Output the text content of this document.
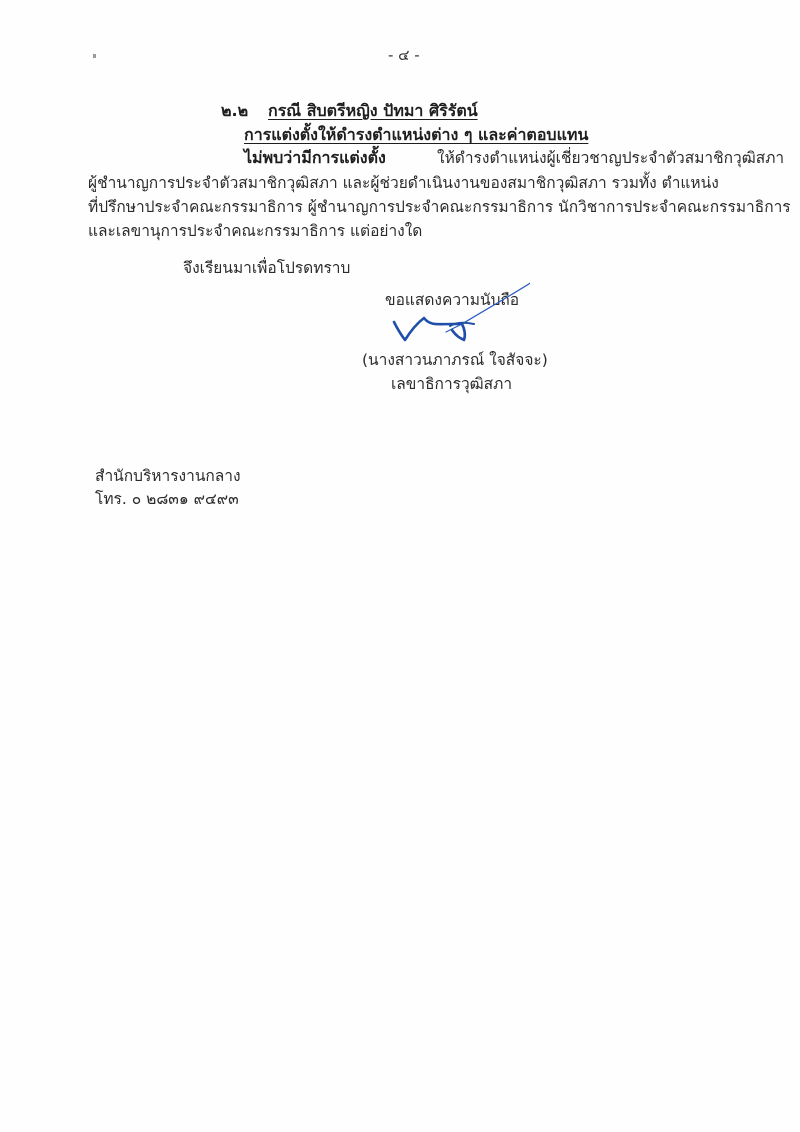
- ๔ -
๒.๒ กรณี สิบตรีหญิง ปัทมา ศิริรัตน์
การแต่งตั้งให้ดำรงตำแหน่งต่าง ๆ และค่าตอบแทน
ไม่พบว่ามีการแต่งตั้ง	ให้ดำรงตำแหน่งผู้เชี่ยวชาญประจำตัวสมาชิกวุฒิสภา
ผู้ชำนาญการประจำตัวสมาชิกวุฒิสภา และผู้ช่วยดำเนินงานของสมาชิกวุฒิสภา รวมทั้ง ตำแหน่ง
ที่ปรึกษาประจำคณะกรรมาธิการ ผู้ชำนาญการประจำคณะกรรมาธิการ นักวิชาการประจำคณะกรรมาธิการ
และเลขานุการประจำคณะกรรมาธิการ แต่อย่างใด
จึงเรียนมาเพื่อโปรดทราบ
ขอแสดงความนับถือ
(นางสาวนภาภรณ์ ใจสัจจะ)
เลขาธิการวุฒิสภา
สำนักบริหารงานกลาง
โทร. ๐ ๒๘๓๑ ๙๔๙๓
